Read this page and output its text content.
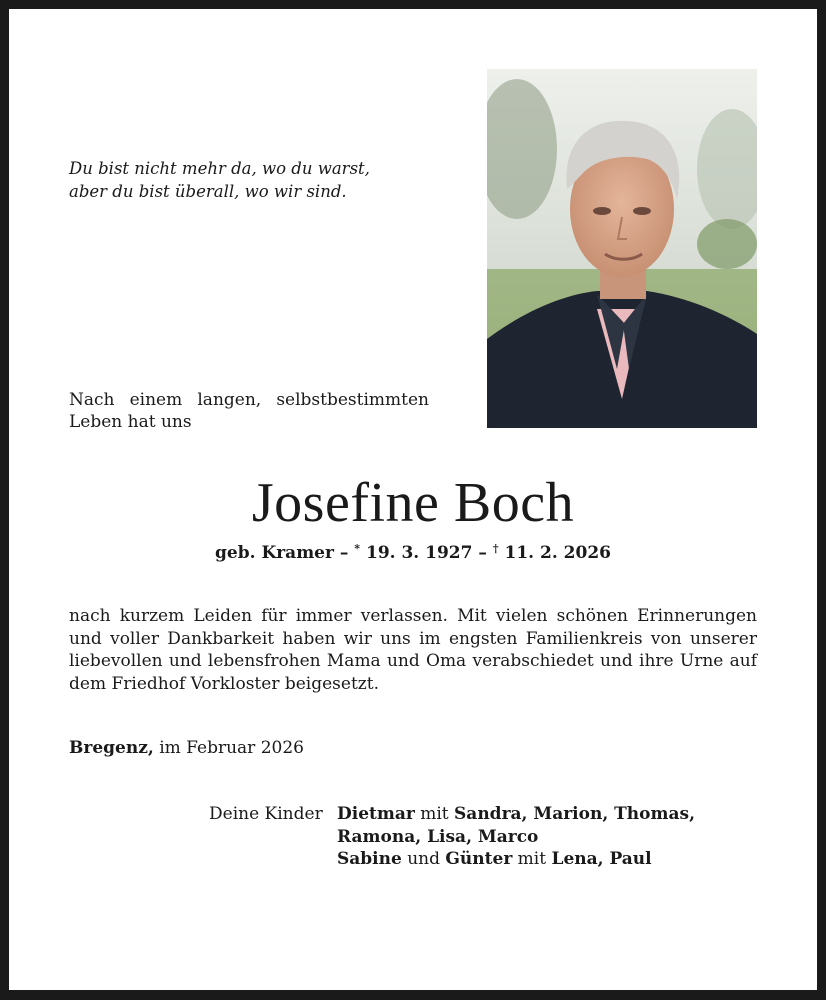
Du bist nicht mehr da, wo du warst,
aber du bist überall, wo wir sind.
Nach einem langen, selbstbestimmten
Leben hat uns
Josefine Boch
geb. Kramer – * 19. 3. 1927 – † 11. 2. 2026
nach kurzem Leiden für immer verlassen. Mit vielen schönen Erinnerungen und voller Dankbarkeit haben wir uns im engsten Familienkreis von unserer liebevollen und lebensfrohen Mama und Oma verabschiedet und ihre Urne auf dem Friedhof Vorkloster beigesetzt.
Bregenz, im Februar 2026
Deine Kinder Dietmar mit Sandra, Marion, Thomas,
Ramona, Lisa, Marco
Sabine und Günter mit Lena, Paul
